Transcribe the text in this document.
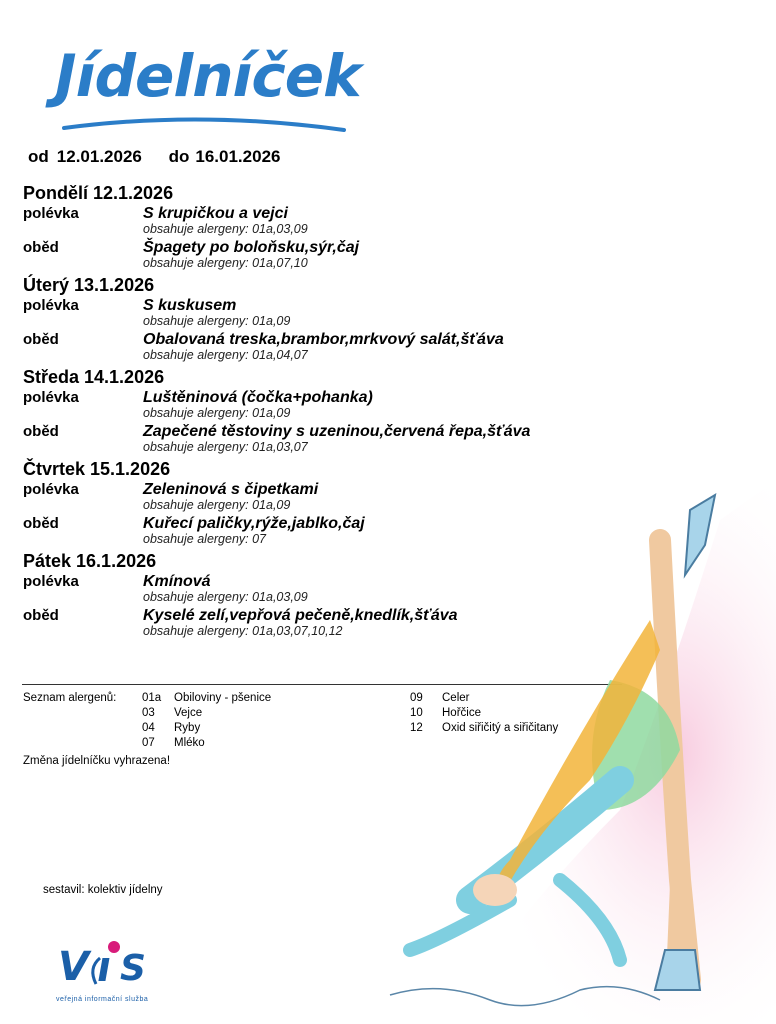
Jídelníček
od 12.01.2026 do 16.01.2026
Pondělí 12.1.2026
polévka	S krupičkou a vejci
obsahuje alergeny: 01a,03,09
oběd	Špagety po boloňsku,sýr,čaj
obsahuje alergeny: 01a,07,10
Úterý 13.1.2026
polévka	S kuskusem
obsahuje alergeny: 01a,09
oběd	Obalovaná treska,brambor,mrkvový salát,šťáva
obsahuje alergeny: 01a,04,07
Středa 14.1.2026
polévka	Luštěninová (čočka+pohanka)
obsahuje alergeny: 01a,09
oběd	Zapečené těstoviny s uzeninou,červená řepa,šťáva
obsahuje alergeny: 01a,03,07
Čtvrtek 15.1.2026
polévka	Zeleninová s čipetkami
obsahuje alergeny: 01a,09
oběd	Kuřecí paličky,rýže,jablko,čaj
obsahuje alergeny: 07
Pátek 16.1.2026
polévka	Kmínová
obsahuje alergeny: 01a,03,09
oběd	Kyselé zelí,vepřová pečeně,knedlík,šťáva
obsahuje alergeny: 01a,03,07,10,12
Seznam alergenů: 01a Obiloviny - pšenice
03 Vejce
04 Ryby
07 Mléko
09 Celer
10 Hořčice
12 Oxid siřičitý a siřičitany
Změna jídelníčku vyhrazena!
sestavil: kolektiv jídelny
V S
veřejná informační služba
